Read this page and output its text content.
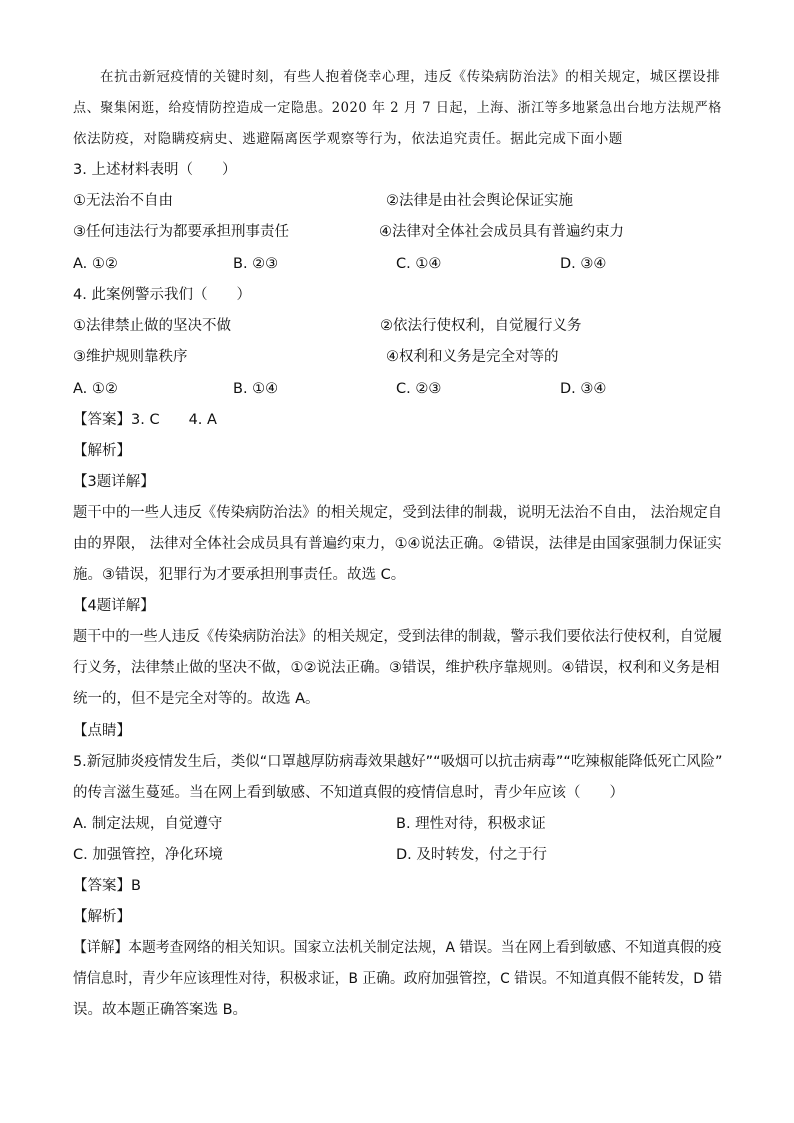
在抗击新冠疫情的关键时刻，有些人抱着侥幸心理，违反《传染病防治法》的相关规定，城区摆设排
点、聚集闲逛，给疫情防控造成一定隐患。2020 年 2 月 7 日起，上海、浙江等多地紧急出台地方法规严格
依法防疫，对隐瞒疫病史、逃避隔离医学观察等行为，依法追究责任。据此完成下面小题
3. 上述材料表明（　　）
①无法治不自由	②法律是由社会舆论保证实施
③任何违法行为都要承担刑事责任	④法律对全体社会成员具有普遍约束力
A. ①②	B. ②③	C. ①④	D. ③④
4. 此案例警示我们（　　）
①法律禁止做的坚决不做	②依法行使权利，自觉履行义务
③维护规则靠秩序	④权利和义务是完全对等的
A. ①②	B. ①④	C. ②③	D. ③④
【答案】3. C　　4. A
【解析】
【3题详解】
题干中的一些人违反《传染病防治法》的相关规定，受到法律的制裁，说明无法治不自由， 法治规定自
由的界限， 法律对全体社会成员具有普遍约束力，①④说法正确。②错误，法律是由国家强制力保证实
施。③错误，犯罪行为才要承担刑事责任。故选 C。
【4题详解】
题干中的一些人违反《传染病防治法》的相关规定，受到法律的制裁，警示我们要依法行使权利，自觉履
行义务，法律禁止做的坚决不做，①②说法正确。③错误，维护秩序靠规则。④错误，权利和义务是相
统一的，但不是完全对等的。故选 A。
【点睛】
5.新冠肺炎疫情发生后，类似“口罩越厚防病毒效果越好”“吸烟可以抗击病毒”“吃辣椒能降低死亡风险”
的传言滋生蔓延。当在网上看到敏感、不知道真假的疫情信息时，青少年应该（　　）
A. 制定法规，自觉遵守	B. 理性对待，积极求证
C. 加强管控，净化环境	D. 及时转发，付之于行
【答案】B
【解析】
【详解】本题考查网络的相关知识。国家立法机关制定法规，A 错误。当在网上看到敏感、不知道真假的疫
情信息时，青少年应该理性对待，积极求证，B 正确。政府加强管控，C 错误。不知道真假不能转发，D 错
误。故本题正确答案选 B。
